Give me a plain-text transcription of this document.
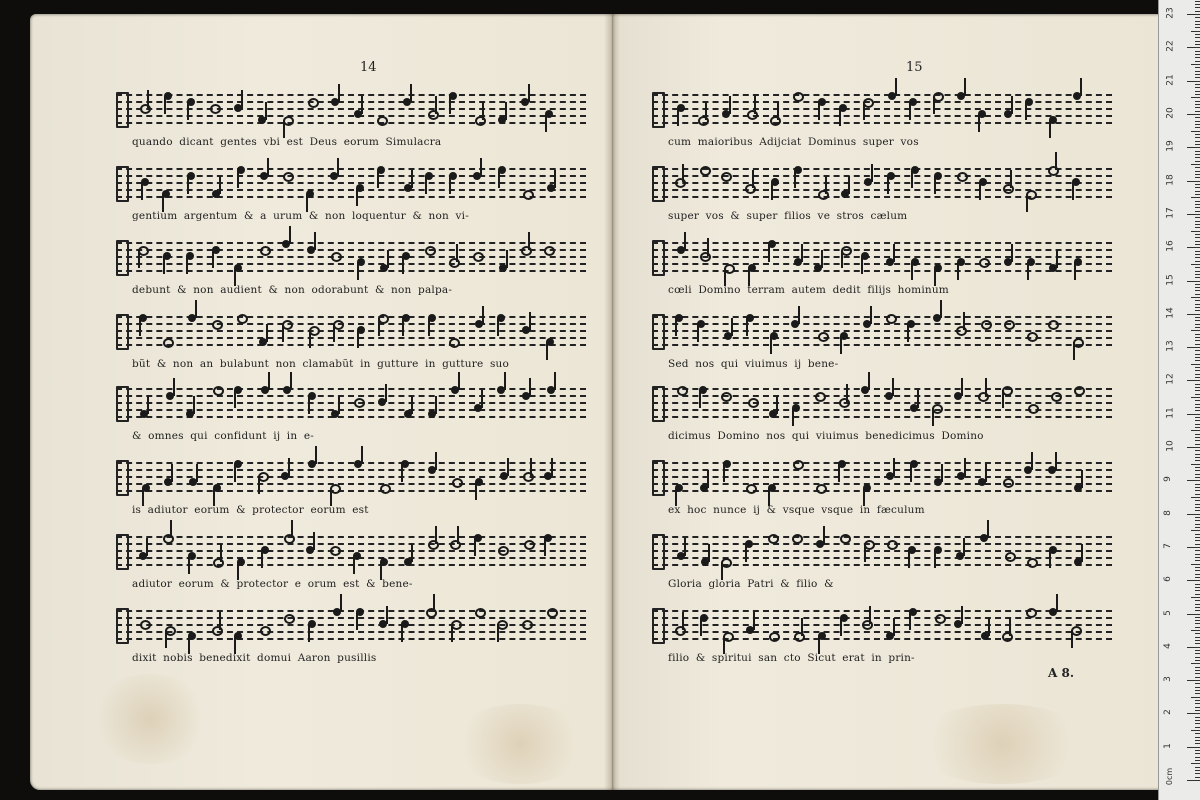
14
quando dicant gentes vbi est Deus eorum Simulacra
gentium argentum & a urum & non loquentur & non vi-
debunt & non audient & non odorabunt & non palpa-
bũt & non an bulabunt non clamabũt in gutture in gutture suo
& omnes qui confidunt ij in e-
is adiutor eorum & protector eorum est
adiutor eorum & protector e orum est & bene-
dixit nobis benedixit domui Aaron pusillis
15
A 8.
cum maioribus Adijciat Dominus super vos
super vos & super filios ve stros cælum
cœli Domino terram autem dedit filijs hominum
Sed nos qui viuimus ij bene-
dicimus Domino nos qui viuimus benedicimus Domino
ex hoc nunce ij & vsque vsque in fæculum
Gloria gloria Patri & filio &
filio & spiritui san cto Sicut erat in prin-
1
2
3
4
5
6
7
8
9
10
11
12
13
14
15
16
17
18
19
20
21
22
23
0cm
